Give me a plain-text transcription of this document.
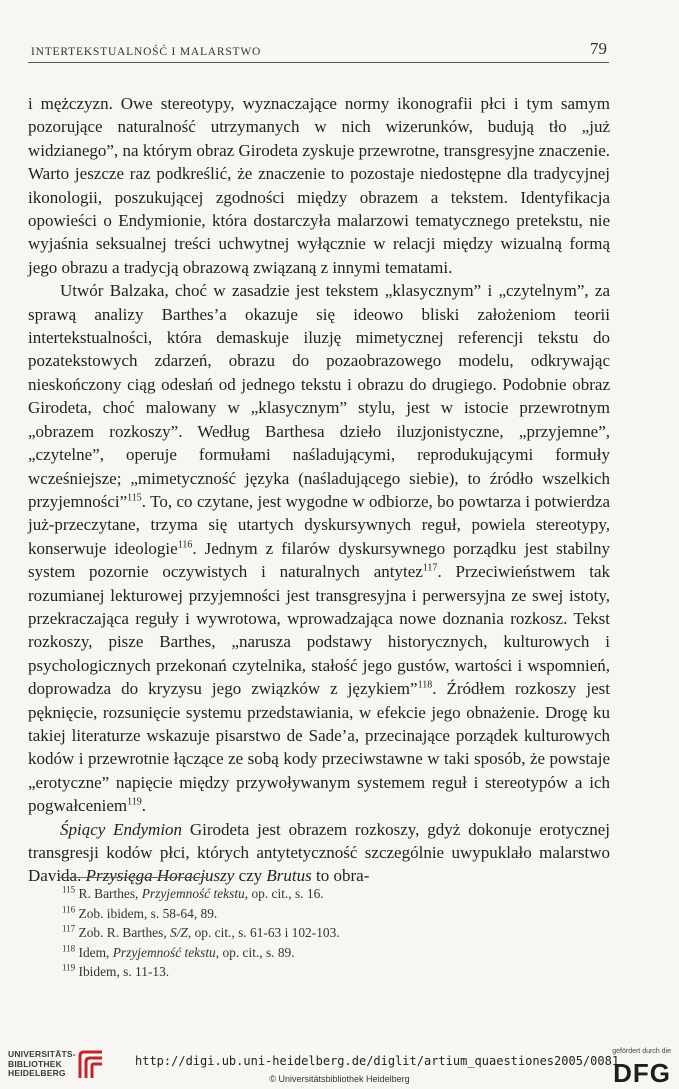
INTERTEKSTUALNOŚĆ I MALARSTWO	79

i mężczyzn. Owe stereotypy, wyznaczające normy ikonografii płci i tym samym pozorujące naturalność utrzymanych w nich wizerunków, budują tło „już widzianego”, na którym obraz Girodeta zyskuje przewrotne, transgresyjne znaczenie. Warto jeszcze raz podkreślić, że znaczenie to pozostaje niedostępne dla tradycyjnej ikonologii, poszukującej zgodności między obrazem a tekstem. Identyfikacja opowieści o Endymionie, która dostarczyła malarzowi tematycznego pretekstu, nie wyjaśnia seksualnej treści uchwytnej wyłącznie w relacji między wizualną formą jego obrazu a tradycją obrazową związaną z innymi tematami.

Utwór Balzaka, choć w zasadzie jest tekstem „klasycznym” i „czytelnym”, za sprawą analizy Barthes’a okazuje się ideowo bliski założeniom teorii intertekstualności, która demaskuje iluzję mimetycznej referencji tekstu do pozatekstowych zdarzeń, obrazu do pozaobrazowego modelu, odkrywając nieskończony ciąg odesłań od jednego tekstu i obrazu do drugiego. Podobnie obraz Girodeta, choć malowany w „klasycznym” stylu, jest w istocie przewrotnym „obrazem rozkoszy”. Według Barthesa dzieło iluzjonistyczne, „przyjemne”, „czytelne”, operuje formułami naśladującymi, reprodukującymi formuły wcześniejsze; „mimetyczność języka (naśladującego siebie), to źródło wszelkich przyjemności”$^{115}$. To, co czytane, jest wygodne w odbiorze, bo powtarza i potwierdza już-przeczytane, trzyma się utartych dyskursywnych reguł, powiela stereotypy, konserwuje ideologie$^{116}$. Jednym z filarów dyskursywnego porządku jest stabilny system pozornie oczywistych i naturalnych antytez$^{117}$. Przeciwieństwem tak rozumianej lekturowej przyjemności jest transgresyjna i perwersyjna ze swej istoty, przekraczająca reguły i wywrotowa, wprowadzająca nowe doznania rozkosz. Tekst rozkoszy, pisze Barthes, „narusza podstawy historycznych, kulturowych i psychologicznych przekonań czytelnika, stałość jego gustów, wartości i wspomnień, doprowadza do kryzysu jego związków z językiem”$^{118}$. Źródłem rozkoszy jest pęknięcie, rozsunięcie systemu przedstawiania, w efekcie jego obnażenie. Drogę ku takiej literaturze wskazuje pisarstwo de Sade’a, przecinające porządek kulturowych kodów i przewrotnie łączące ze sobą kody przeciwstawne w taki sposób, że powstaje „erotyczne” napięcie między przywoływanym systemem reguł i stereotypów a ich pogwałceniem$^{119}$.

Śpiący Endymion Girodeta jest obrazem rozkoszy, gdyż dokonuje erotycznej transgresji kodów płci, których antytetyczność szczególnie uwypuklało malarstwo Davida. Przysięga Horacjuszy czy Brutus to obra-

$^{115}$ R. Barthes, Przyjemność tekstu, op. cit., s. 16.
$^{116}$ Zob. ibidem, s. 58-64, 89.
$^{117}$ Zob. R. Barthes, S/Z, op. cit., s. 61-63 i 102-103.
$^{118}$ Idem, Przyjemność tekstu, op. cit., s. 89.
$^{119}$ Ibidem, s. 11-13.
UNIVERSITÄTS-
BIBLIOTHEK
HEIDELBERG
http://digi.ub.uni-heidelberg.de/diglit/artium_quaestiones2005/0081
© Universitätsbibliothek Heidelberg
gefördert durch die
DFG
